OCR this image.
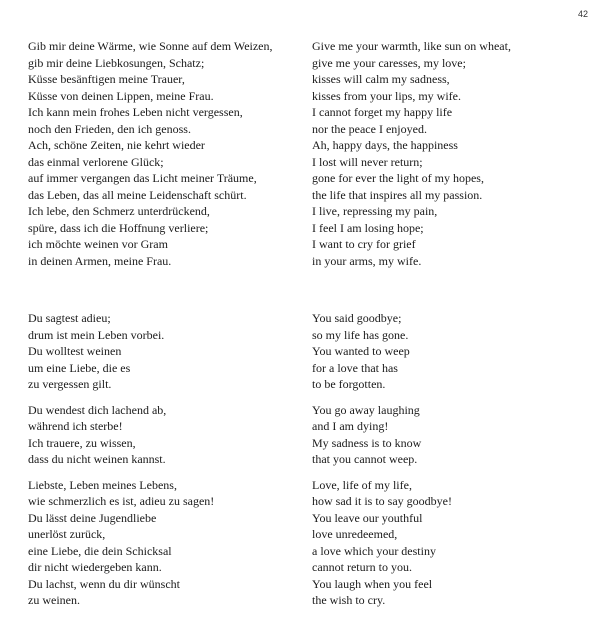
42
Gib mir deine Wärme, wie Sonne auf dem Weizen,
gib mir deine Liebkosungen, Schatz;
Küsse besänftigen meine Trauer,
Küsse von deinen Lippen, meine Frau.
Ich kann mein frohes Leben nicht vergessen,
noch den Frieden, den ich genoss.
Ach, schöne Zeiten, nie kehrt wieder
das einmal verlorene Glück;
auf immer vergangen das Licht meiner Träume,
das Leben, das all meine Leidenschaft schürt.
Ich lebe, den Schmerz unterdrückend,
spüre, dass ich die Hoffnung verliere;
ich möchte weinen vor Gram
in deinen Armen, meine Frau.
Du sagtest adieu;
drum ist mein Leben vorbei.
Du wolltest weinen
um eine Liebe, die es
zu vergessen gilt.
Du wendest dich lachend ab,
während ich sterbe!
Ich trauere, zu wissen,
dass du nicht weinen kannst.
Liebste, Leben meines Lebens,
wie schmerzlich es ist, adieu zu sagen!
Du lässt deine Jugendliebe
unerlöst zurück,
eine Liebe, die dein Schicksal
dir nicht wiedergeben kann.
Du lachst, wenn du dir wünscht
zu weinen.
Give me your warmth, like sun on wheat,
give me your caresses, my love;
kisses will calm my sadness,
kisses from your lips, my wife.
I cannot forget my happy life
nor the peace I enjoyed.
Ah, happy days, the happiness
I lost will never return;
gone for ever the light of my hopes,
the life that inspires all my passion.
I live, repressing my pain,
I feel I am losing hope;
I want to cry for grief
in your arms, my wife.
You said goodbye;
so my life has gone.
You wanted to weep
for a love that has
to be forgotten.
You go away laughing
and I am dying!
My sadness is to know
that you cannot weep.
Love, life of my life,
how sad it is to say goodbye!
You leave our youthful
love unredeemed,
a love which your destiny
cannot return to you.
You laugh when you feel
the wish to cry.
